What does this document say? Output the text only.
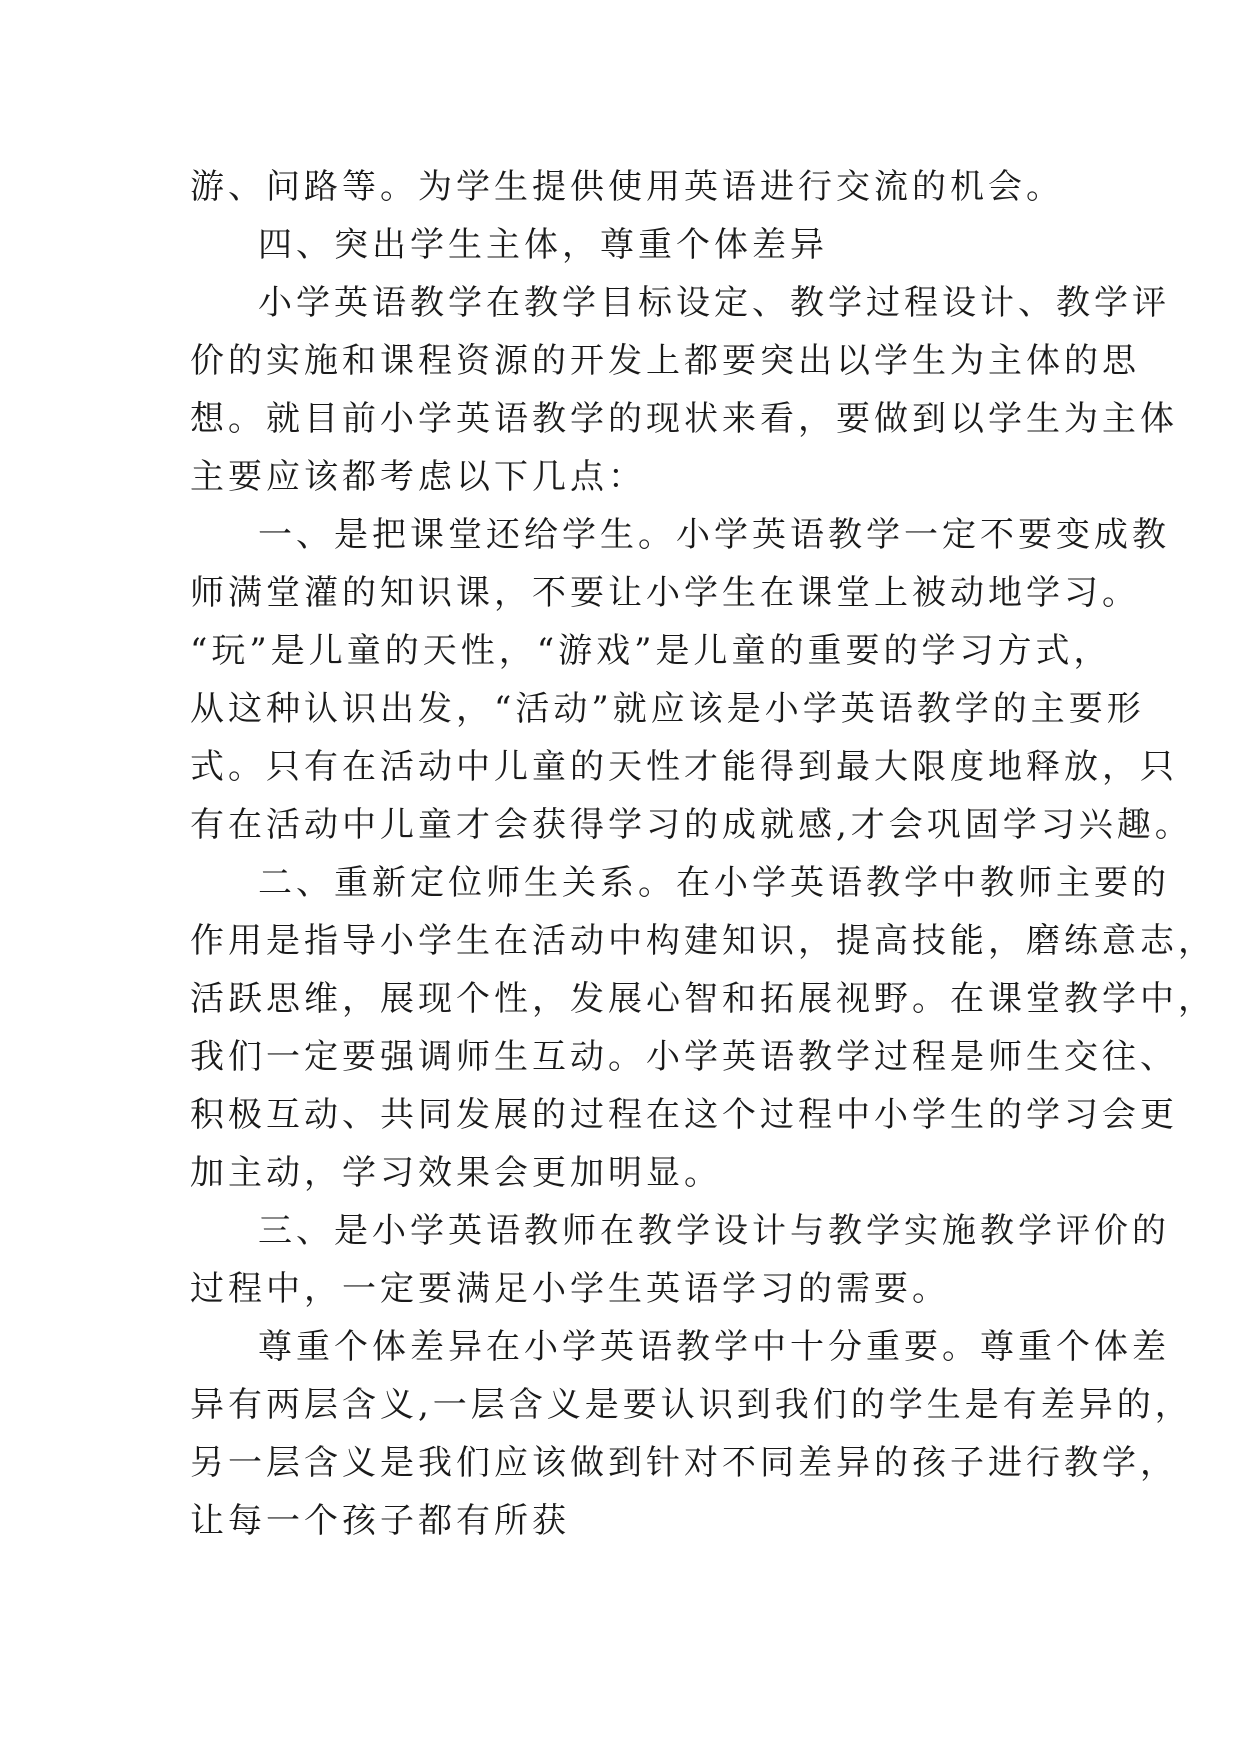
游、问路等。为学生提供使用英语进行交流的机会。
四、突出学生主体，尊重个体差异
小学英语教学在教学目标设定、教学过程设计、教学评
价的实施和课程资源的开发上都要突出以学生为主体的思
想。就目前小学英语教学的现状来看，要做到以学生为主体
主要应该都考虑以下几点：
一、是把课堂还给学生。小学英语教学一定不要变成教
师满堂灌的知识课，不要让小学生在课堂上被动地学习。
“玩”是儿童的天性，“游戏”是儿童的重要的学习方式，
从这种认识出发，“活动”就应该是小学英语教学的主要形
式。只有在活动中儿童的天性才能得到最大限度地释放，只
有在活动中儿童才会获得学习的成就感,才会巩固学习兴趣。
二、重新定位师生关系。在小学英语教学中教师主要的
作用是指导小学生在活动中构建知识，提高技能，磨练意志，
活跃思维，展现个性，发展心智和拓展视野。在课堂教学中，
我们一定要强调师生互动。小学英语教学过程是师生交往、
积极互动、共同发展的过程在这个过程中小学生的学习会更
加主动，学习效果会更加明显。
三、是小学英语教师在教学设计与教学实施教学评价的
过程中，一定要满足小学生英语学习的需要。
尊重个体差异在小学英语教学中十分重要。尊重个体差
异有两层含义,一层含义是要认识到我们的学生是有差异的，
另一层含义是我们应该做到针对不同差异的孩子进行教学，
让每一个孩子都有所获
